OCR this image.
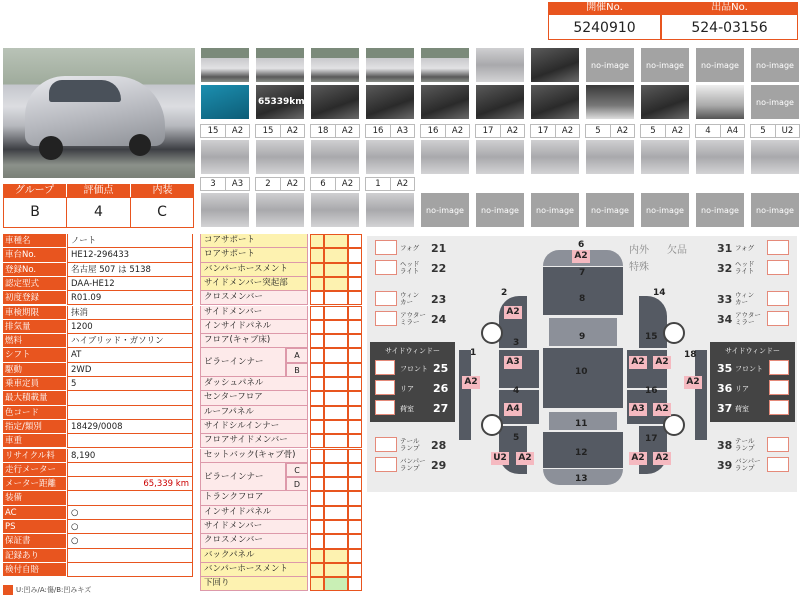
開催No.
5240910
出品No.
524-03156
no-image	no-image	no-image	no-image
65339km	no-image
15	A2	15	A2	18	A2	16	A3	16	A2	17	A2	17	A2	5	A2	5	A2	4	A4	5	U2
3	A3	2	A2	6	A2	1	A2
no-image	no-image	no-image	no-image	no-image	no-image	no-image
グループ	評価点	内装
B	4	C
車種名	ノート
車台No.	HE12-296433
登録No.	名古屋 507 は 5138
認定型式	DAA-HE12
初度登録	R01.09
車検期限	抹消
排気量	1200
燃料	ハイブリッド・ガソリン
シフト	AT
駆動	2WD
乗車定員	5
最大積載量
色コード
指定/類別	18429/0008
車重
リサイクル料	8,190
走行メーター
メーター距離	65,339 km
装備
AC	○
PS	○
保証書	○
記録あり
検付自賠
コアサポート
ロアサポート
バンパーホースメント
サイドメンバー突起部
クロスメンバー
サイドメンバー
インサイドパネル
フロア(キャブ床)
ピラーインナー
A
B
ダッシュパネル
センターフロア
ルーフパネル
サイドシルインナー
フロアサイドメンバー
セットバック(キャブ骨)
ピラーインナー
C
D
トランクフロア
インサイドパネル
サイドメンバー
クロスメンバー
バックパネル
バンパーホースメント
下回り
内外 欠品
特殊
フォグ 21
ヘッド
ライト 22
ウィン
カー	23
アウター
ミラー	24
31 フォグ
32 ヘッド
ライト
33 ウィン
カー
34 アウター
ミラー
サイドウィンドー
フロント 25
リア 26
荷室 27
サイドウィンドー
35 フロント
36 リア
37 荷室
テール
ランプ 28
バンパー
ランプ	29
38 テール
ランプ
39 バンパー
ランプ
1
2
3
4
5
6
7
8
9
10
11
12
13
14
15
16
17
18
A2
A2
A3
A2
A4
U2 A2
A2 A2
A2
A3 A2
A2 A2
U:凹み/A:傷/B:凹みキズ
